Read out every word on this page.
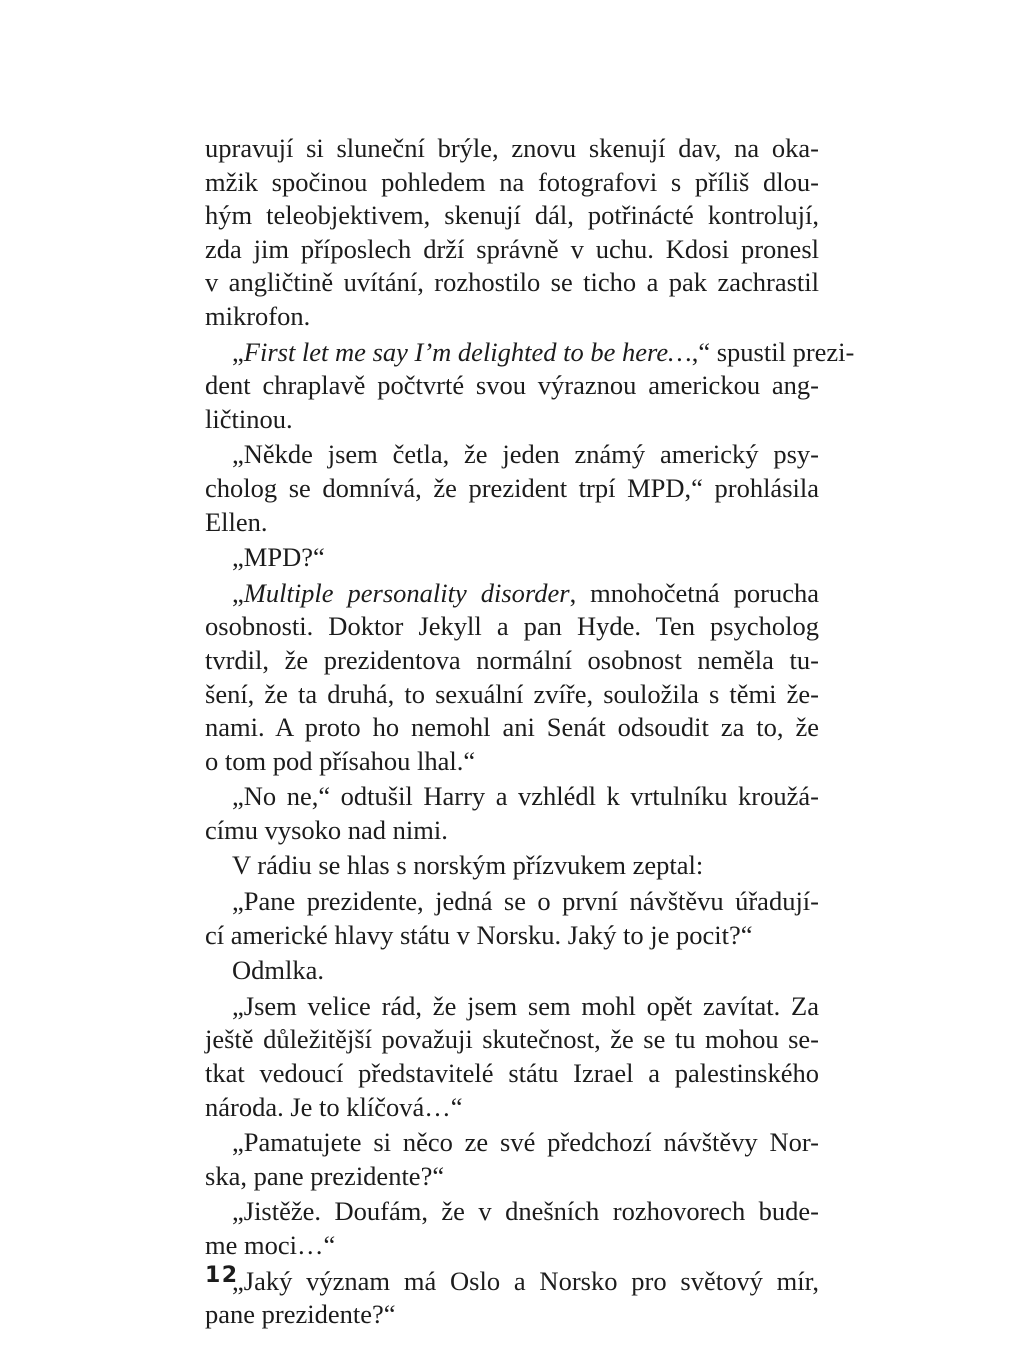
upravují si sluneční brýle, znovu skenují dav, na oka-
mžik spočinou pohledem na fotografovi s příliš dlou-
hým teleobjektivem, skenují dál, potřinácté kontrolují,
zda jim příposlech drží správně v uchu. Kdosi pronesl
v angličtině uvítání, rozhostilo se ticho a pak zachrastil
mikrofon.
„First let me say I’m delighted to be here…,“ spustil prezi-
dent chraplavě počtvrté svou výraznou americkou ang-
ličtinou.
„Někde jsem četla, že jeden známý americký psy-
cholog se domnívá, že prezident trpí MPD,“ prohlásila
Ellen.
„MPD?“
„Multiple personality disorder, mnohočetná porucha
osobnosti. Doktor Jekyll a pan Hyde. Ten psycholog
tvrdil, že prezidentova normální osobnost neměla tu-
šení, že ta druhá, to sexuální zvíře, souložila s těmi že-
nami. A proto ho nemohl ani Senát odsoudit za to, že
o tom pod přísahou lhal.“
„No ne,“ odtušil Harry a vzhlédl k vrtulníku kroužá-
címu vysoko nad nimi.
V rádiu se hlas s norským přízvukem zeptal:
„Pane prezidente, jedná se o první návštěvu úřadují-
cí americké hlavy státu v Norsku. Jaký to je pocit?“
Odmlka.
„Jsem velice rád, že jsem sem mohl opět zavítat. Za
ještě důležitější považuji skutečnost, že se tu mohou se-
tkat vedoucí představitelé státu Izrael a palestinského
národa. Je to klíčová…“
„Pamatujete si něco ze své předchozí návštěvy Nor-
ska, pane prezidente?“
„Jistěže. Doufám, že v dnešních rozhovorech bude-
me moci…“
„Jaký význam má Oslo a Norsko pro světový mír,
pane prezidente?“
12
